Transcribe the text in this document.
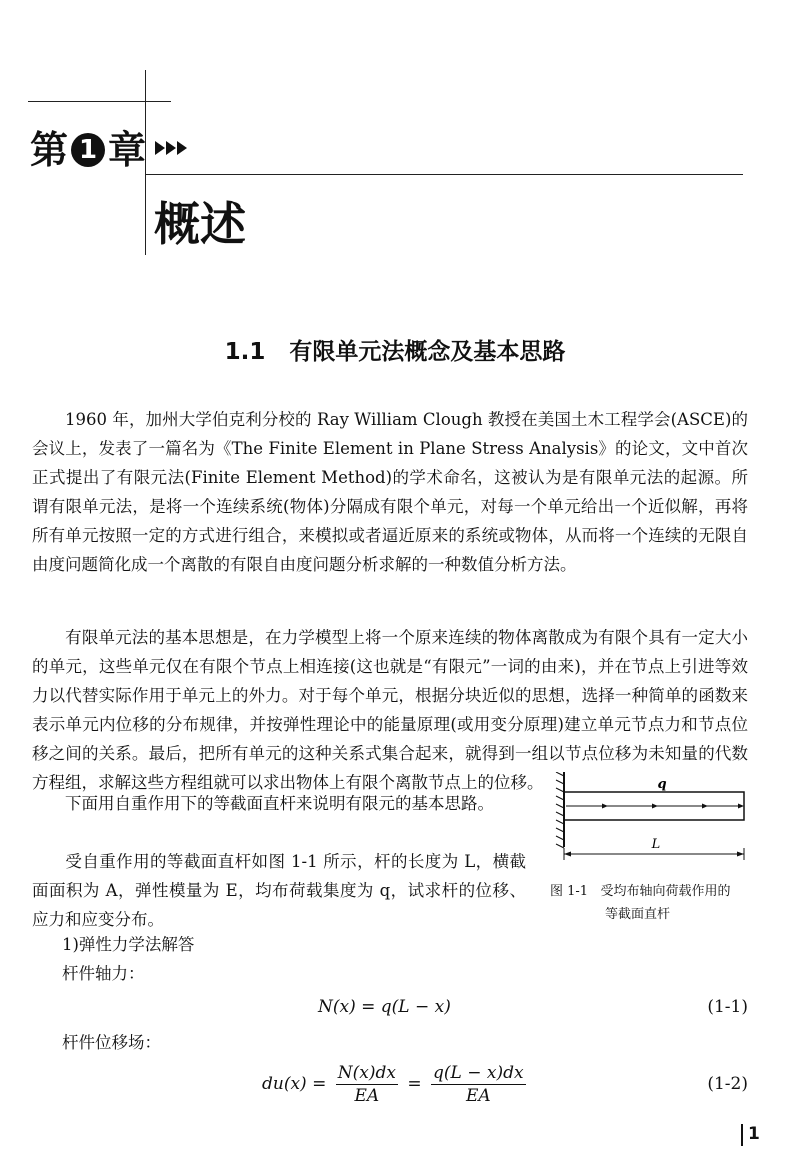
第 1 章
概述
1.1 有限单元法概念及基本思路

1960 年，加州大学伯克利分校的 Ray William Clough 教授在美国土木工程学会(ASCE)的会议上，发表了一篇名为《The Finite Element in Plane Stress Analysis》的论文，文中首次正式提出了有限元法(Finite Element Method)的学术命名，这被认为是有限单元法的起源。所谓有限单元法，是将一个连续系统(物体)分隔成有限个单元，对每一个单元给出一个近似解，再将所有单元按照一定的方式进行组合，来模拟或者逼近原来的系统或物体，从而将一个连续的无限自由度问题简化成一个离散的有限自由度问题分析求解的一种数值分析方法。

有限单元法的基本思想是，在力学模型上将一个原来连续的物体离散成为有限个具有一定大小的单元，这些单元仅在有限个节点上相连接(这也就是“有限元”一词的由来)，并在节点上引进等效力以代替实际作用于单元上的外力。对于每个单元，根据分块近似的思想，选择一种简单的函数来表示单元内位移的分布规律，并按弹性理论中的能量原理(或用变分原理)建立单元节点力和节点位移之间的关系。最后，把所有单元的这种关系式集合起来，就得到一组以节点位移为未知量的代数方程组，求解这些方程组就可以求出物体上有限个离散节点上的位移。

下面用自重作用下的等截面直杆来说明有限元的基本思路。

受自重作用的等截面直杆如图 1-1 所示，杆的长度为 L，横截面面积为 A，弹性模量为 E，均布荷载集度为 q，试求杆的位移、应力和应变分布。

1)弹性力学法解答
杆件轴力：
N(x) = q(L − x)	(1-1)
杆件位移场：
$du(x) = \frac{N(x)dx}{EA} = \frac{q(L - x)dx}{EA}$	(1-2)
q
L
图 1-1 受均布轴向荷载作用的
等截面直杆
1
